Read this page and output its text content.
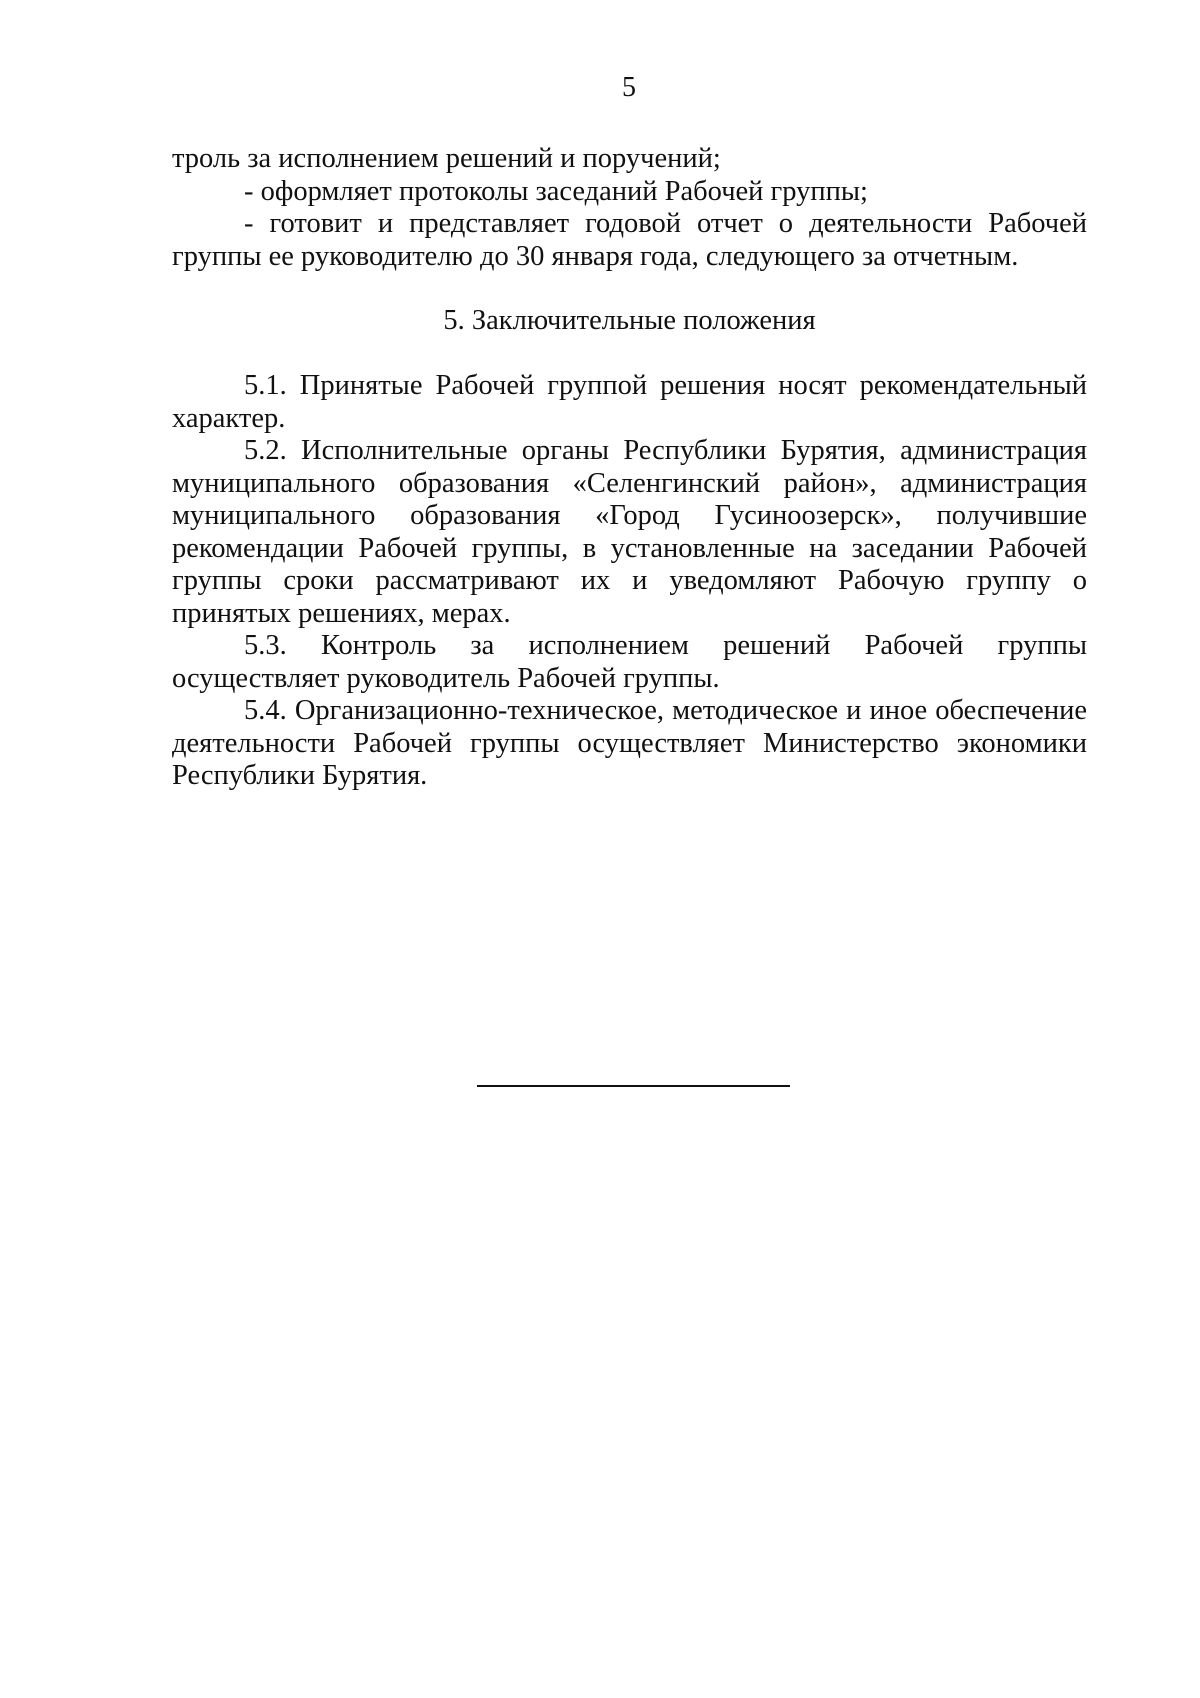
5

троль за исполнением решений и поручений;

- оформляет протоколы заседаний Рабочей группы;

- готовит и представляет годовой отчет о деятельности Рабочей группы ее руководителю до 30 января года, следующего за отчетным.

5. Заключительные положения

5.1. Принятые Рабочей группой решения носят рекомендательный характер.

5.2. Исполнительные органы Республики Бурятия, администрация муниципального образования «Селенгинский район», администрация муниципального образования «Город Гусиноозерск», получившие рекомендации Рабочей группы, в установленные на заседании Рабочей группы сроки рассматривают их и уведомляют Рабочую группу о принятых решениях, мерах.

5.3. Контроль за исполнением решений Рабочей группы осуществляет руководитель Рабочей группы.

5.4. Организационно-техническое, методическое и иное обеспечение деятельности Рабочей группы осуществляет Министерство экономики Республики Бурятия.
